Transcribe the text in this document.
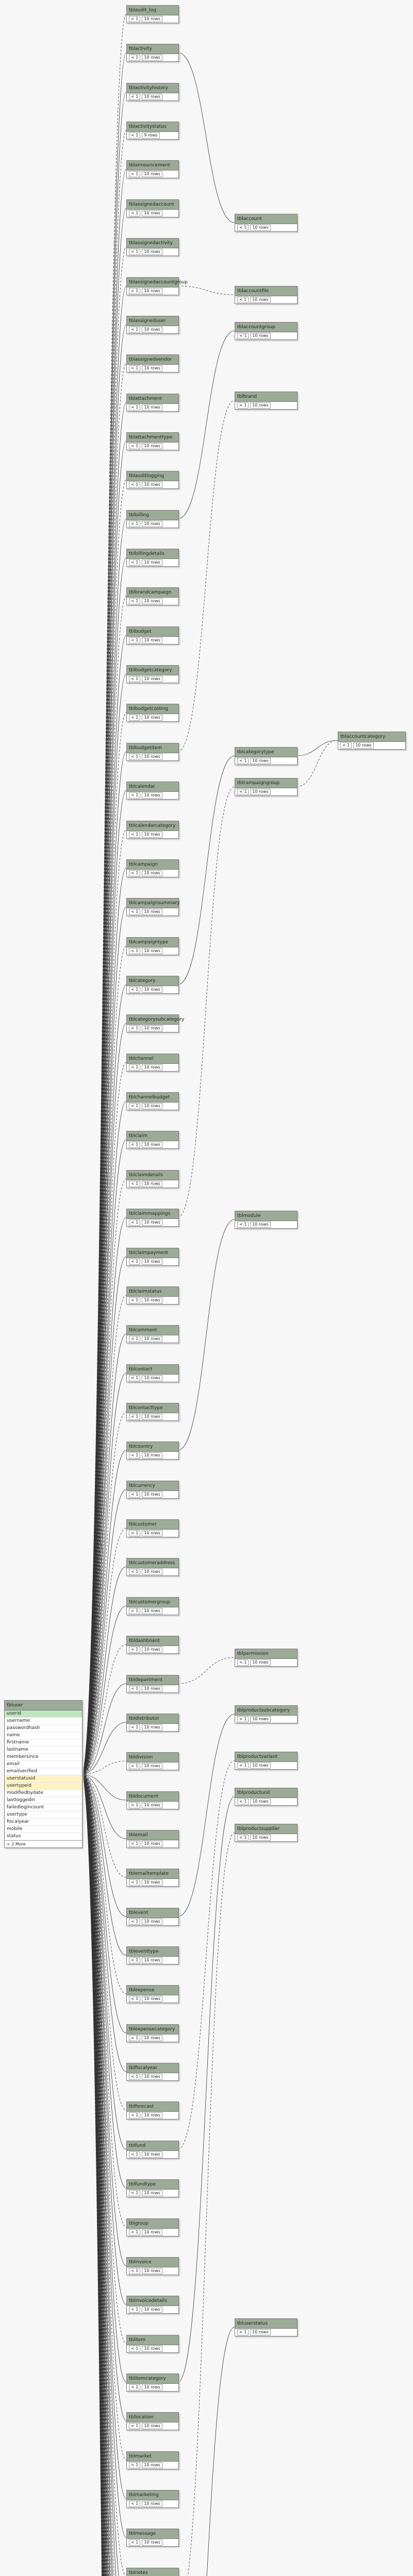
tbluser
userid
username
passwordhash
name
firstname
lastname
membersince
email
emailverified
userstatusid
usertypeid
modifiedbydate
lastloggedin
failedlogincount
usertype
fiscalyear
mobile
status
< 2 More
tblaudit_log
< 1 10 rows
tblactivity
< 1 10 rows
tblactivityhistory
< 1 10 rows
tblactivitystatus
< 1 9 rows
tblannouncement
< 1 10 rows
tblassignedaccount
< 1 10 rows
tblassignedactivity
< 1 10 rows
tblassignedaccountgroup
< 1 10 rows
tblassigneduser
< 1 10 rows
tblassignedvendor
< 1 10 rows
tblattachment
< 1 10 rows
tblattachmenttype
< 1 10 rows
tblauditlogging
< 1 10 rows
tblbilling
< 1 10 rows
tblbillingdetails
< 1 10 rows
tblbrandcampaign
< 1 10 rows
tblbudget
< 1 10 rows
tblbudgetcategory
< 1 10 rows
tblbudgetcosting
< 1 10 rows
tblbudgetitem
< 1 10 rows
tblcalendar
< 1 10 rows
tblcalendarcategory
< 1 10 rows
tblcampaign
< 1 10 rows
tblcampaignsummary
< 1 10 rows
tblcampaigntype
< 1 10 rows
tblcategory
< 1 10 rows
tblcategorysubcategory
< 1 10 rows
tblchannel
< 1 10 rows
tblchannelbudget
< 1 10 rows
tblclaim
< 1 10 rows
tblclaimdetails
< 1 10 rows
tblclaimmappings
< 1 10 rows
tblclaimpayment
< 1 10 rows
tblclaimstatus
< 1 10 rows
tblcomment
< 1 10 rows
tblcontact
< 1 10 rows
tblcontacttype
< 1 10 rows
tblcountry
< 1 10 rows
tblcurrency
< 1 10 rows
tblcustomer
< 1 10 rows
tblcustomeraddress
< 1 10 rows
tblcustomergroup
< 1 10 rows
tbldashboard
< 1 10 rows
tbldepartment
< 1 10 rows
tbldistributor
< 1 10 rows
tbldivision
< 1 10 rows
tbldocument
< 1 10 rows
tblemail
< 1 10 rows
tblemailtemplate
< 1 10 rows
tblevent
< 1 10 rows
tbleventtype
< 1 10 rows
tblexpense
< 1 10 rows
tblexpensecategory
< 1 10 rows
tblfiscalyear
< 1 10 rows
tblforecast
< 1 10 rows
tblfund
< 1 10 rows
tblfundtype
< 1 10 rows
tblgroup
< 1 10 rows
tblinvoice
< 1 10 rows
tblinvoicedetails
< 1 10 rows
tblitem
< 1 10 rows
tblitemcategory
< 1 10 rows
tbllocation
< 1 10 rows
tblmarket
< 1 10 rows
tblmarketing
< 1 10 rows
tblmessage
< 1 10 rows
tblnotes
tblaccount
< 1 10 rows
tblaccountfile
< 1 10 rows
tblaccountgroup
< 1 10 rows
tblbrand
< 1 10 rows
tblcategorytype
< 1 10 rows
tblcampaigngroup
< 1 10 rows
tblmodule
< 1 10 rows
tblpermission
< 1 10 rows
tblproductsubcategory
< 1 10 rows
tblproductvariant
< 1 10 rows
tblproductunit
< 1 10 rows
tblproductsupplier
< 1 10 rows
tbluserstatus
< 1 10 rows
tblaccountcategory
< 1 10 rows
